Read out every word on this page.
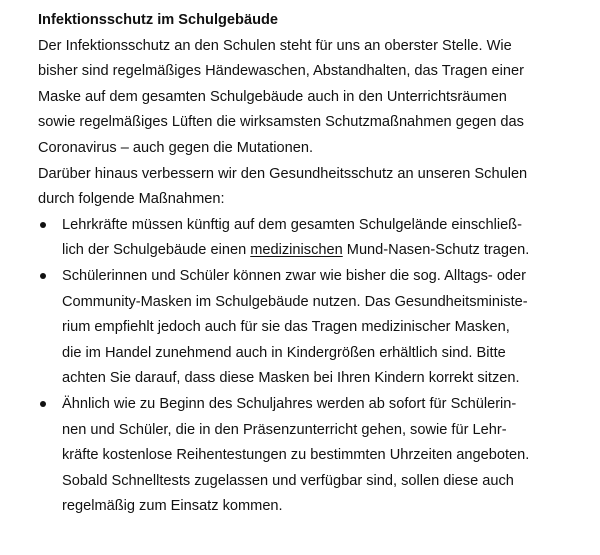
Infektionsschutz im Schulgebäude
Der Infektionsschutz an den Schulen steht für uns an oberster Stelle. Wie
bisher sind regelmäßiges Händewaschen, Abstandhalten, das Tragen einer
Maske auf dem gesamten Schulgebäude auch in den Unterrichtsräumen
sowie regelmäßiges Lüften die wirksamsten Schutzmaßnahmen gegen das
Coronavirus – auch gegen die Mutationen.
Darüber hinaus verbessern wir den Gesundheitsschutz an unseren Schulen
durch folgende Maßnahmen:
Lehrkräfte müssen künftig auf dem gesamten Schulgelände einschließ-
lich der Schulgebäude einen medizinischen Mund-Nasen-Schutz tragen.
Schülerinnen und Schüler können zwar wie bisher die sog. Alltags- oder
Community-Masken im Schulgebäude nutzen. Das Gesundheitsministe-
rium empfiehlt jedoch auch für sie das Tragen medizinischer Masken,
die im Handel zunehmend auch in Kindergrößen erhältlich sind. Bitte
achten Sie darauf, dass diese Masken bei Ihren Kindern korrekt sitzen.
Ähnlich wie zu Beginn des Schuljahres werden ab sofort für Schülerin-
nen und Schüler, die in den Präsenzunterricht gehen, sowie für Lehr-
kräfte kostenlose Reihentestungen zu bestimmten Uhrzeiten angeboten.
Sobald Schnelltests zugelassen und verfügbar sind, sollen diese auch
regelmäßig zum Einsatz kommen.
